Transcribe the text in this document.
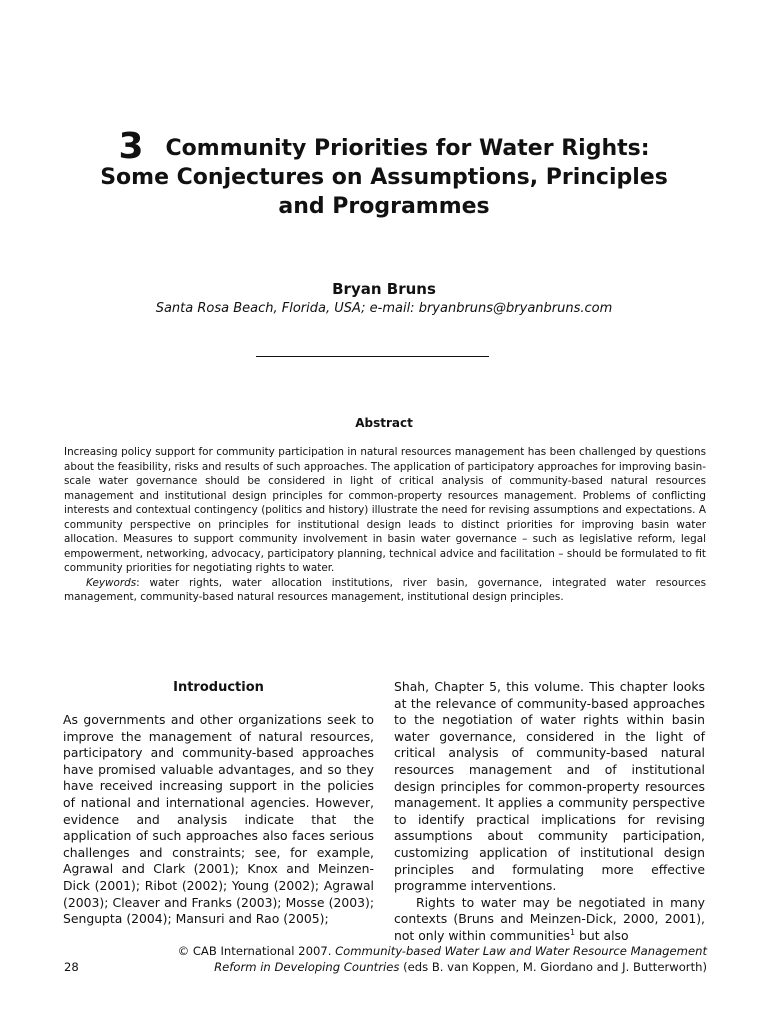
3 Community Priorities for Water Rights:
Some Conjectures on Assumptions, Principles
and Programmes
Bryan Bruns
Santa Rosa Beach, Florida, USA; e-mail: bryanbruns@bryanbruns.com
Abstract

Increasing policy support for community participation in natural resources management has been challenged by questions about the feasibility, risks and results of such approaches. The application of participatory approaches for improving basin-scale water governance should be considered in light of critical analysis of community-based natural resources management and institutional design principles for common-property resources management. Problems of conflicting interests and contextual contingency (politics and history) illustrate the need for revising assumptions and expectations. A community perspective on principles for institutional design leads to distinct priorities for improving basin water allocation. Measures to support community involvement in basin water governance – such as legislative reform, legal empowerment, networking, advocacy, participatory planning, technical advice and facilitation – should be formulated to fit community priorities for negotiating rights to water.

Keywords: water rights, water allocation institutions, river basin, governance, integrated water resources management, community-based natural resources management, institutional design principles.

Introduction

As governments and other organizations seek to improve the management of natural resources, participatory and community-based approaches have promised valuable advantages, and so they have received increasing support in the policies of national and international agencies. However, evidence and analysis indicate that the application of such approaches also faces serious challenges and constraints; see, for example, Agrawal and Clark (2001); Knox and Meinzen-Dick (2001); Ribot (2002); Young (2002); Agrawal (2003); Cleaver and Franks (2003); Mosse (2003); Sengupta (2004); Mansuri and Rao (2005);

Shah, Chapter 5, this volume. This chapter looks at the relevance of community-based approaches to the negotiation of water rights within basin water governance, considered in the light of critical analysis of community-based natural resources management and of institutional design principles for common-property resources management. It applies a community perspective to identify practical implications for revising assumptions about community participation, customizing application of institutional design principles and formulating more effective programme interventions.

Rights to water may be negotiated in many contexts (Bruns and Meinzen-Dick, 2000, 2001), not only within communities$^1$ but also

© CAB International 2007. Community-based Water Law and Water Resource Management
28	Reform in Developing Countries (eds B. van Koppen, M. Giordano and J. Butterworth)
